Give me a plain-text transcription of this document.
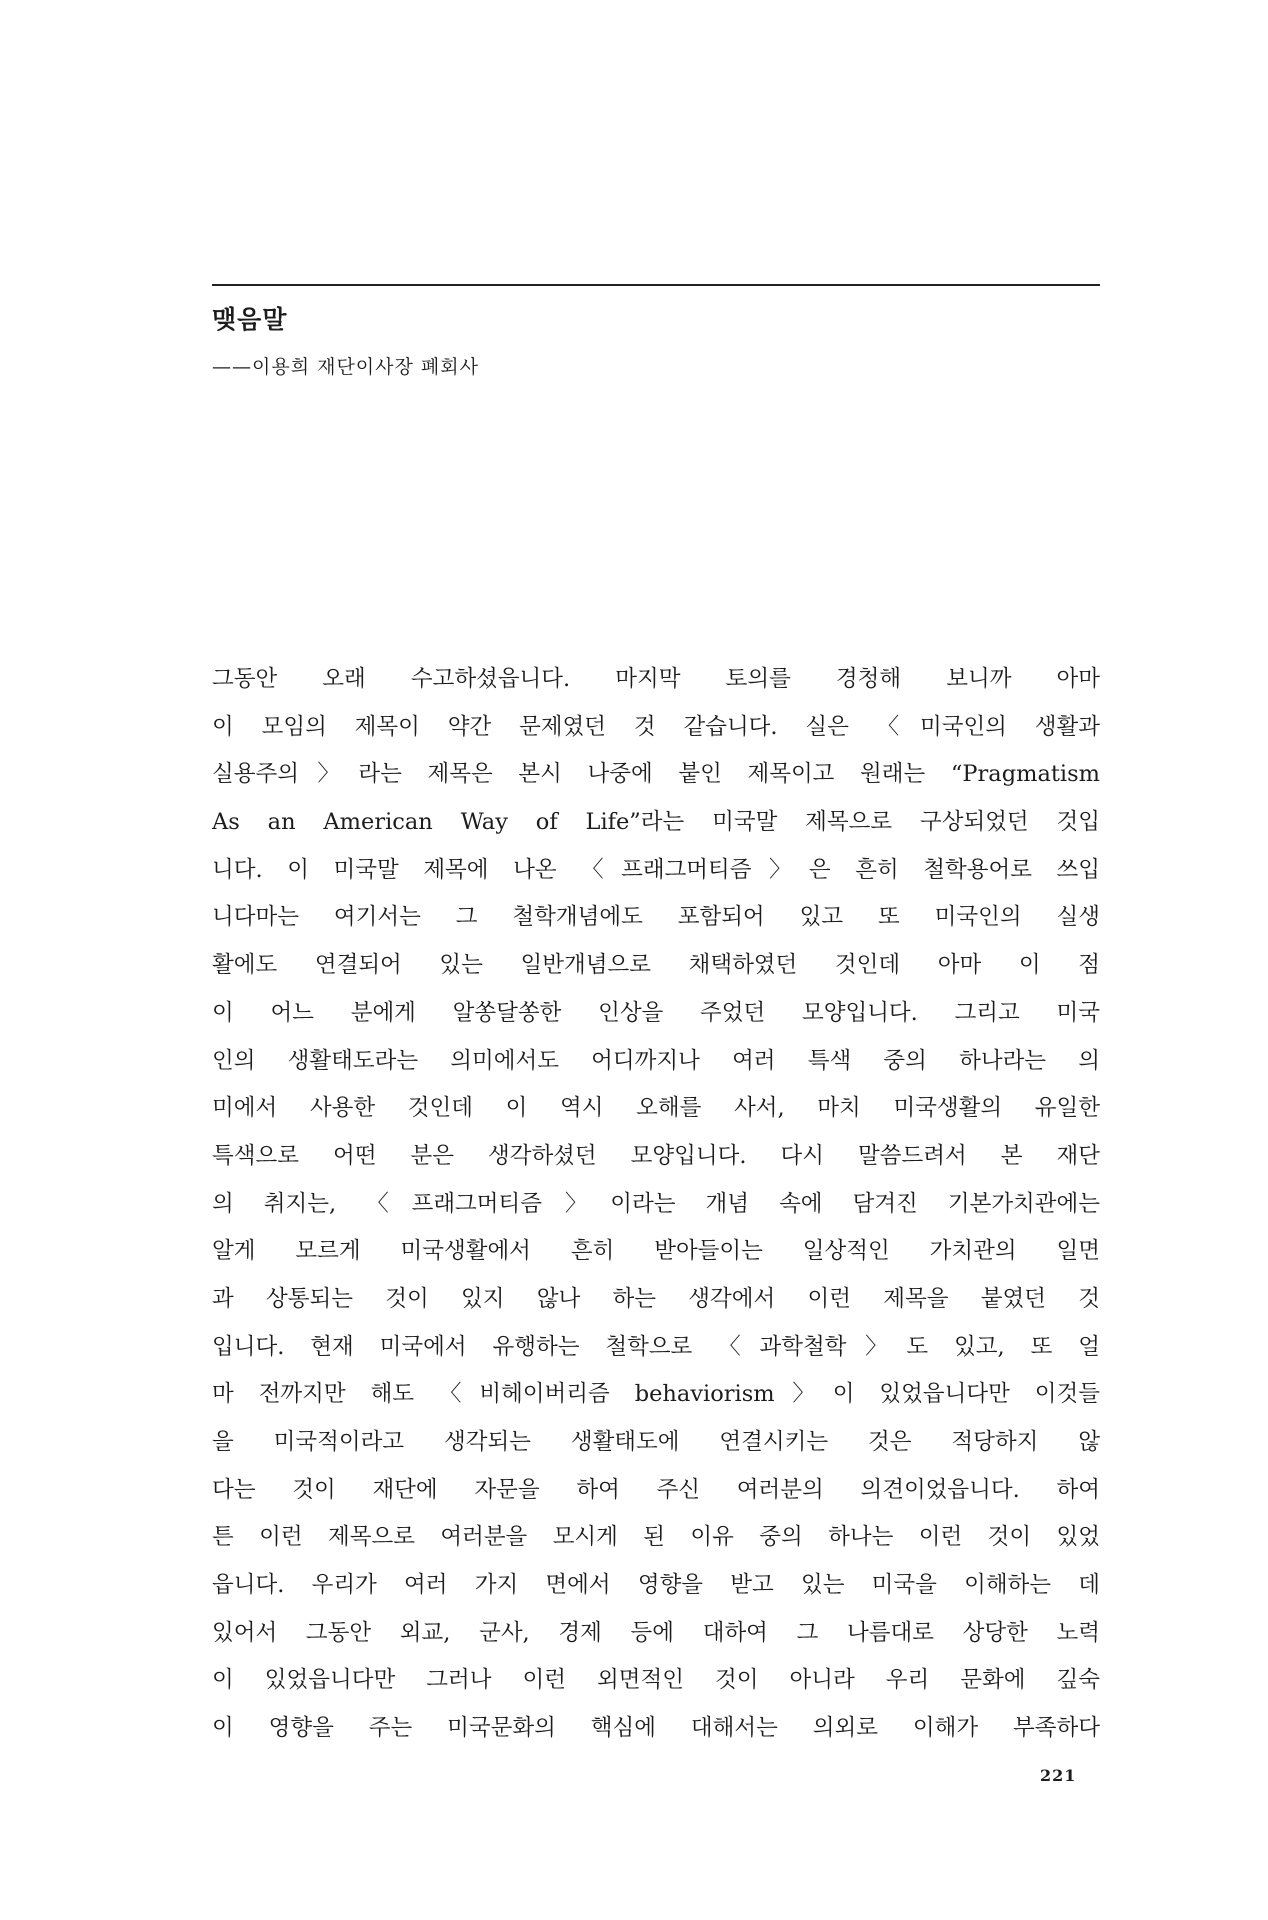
맺음말
——이용희 재단이사장 폐회사
그동안 오래 수고하셨읍니다. 마지막 토의를 경청해 보니까 아마
이 모임의 제목이 약간 문제였던 것 같습니다. 실은 〈미국인의 생활과
실용주의〉라는 제목은 본시 나중에 붙인 제목이고 원래는 “Pragmatism
As an American Way of Life”라는 미국말 제목으로 구상되었던 것입
니다. 이 미국말 제목에 나온 〈프래그머티즘〉은 흔히 철학용어로 쓰입
니다마는 여기서는 그 철학개념에도 포함되어 있고 또 미국인의 실생
활에도 연결되어 있는 일반개념으로 채택하였던 것인데 아마 이 점
이 어느 분에게 알쏭달쏭한 인상을 주었던 모양입니다. 그리고 미국
인의 생활태도라는 의미에서도 어디까지나 여러 특색 중의 하나라는 의
미에서 사용한 것인데 이 역시 오해를 사서, 마치 미국생활의 유일한
특색으로 어떤 분은 생각하셨던 모양입니다. 다시 말씀드려서 본 재단
의 취지는, 〈프래그머티즘〉이라는 개념 속에 담겨진 기본가치관에는
알게 모르게 미국생활에서 흔히 받아들이는 일상적인 가치관의 일면
과 상통되는 것이 있지 않나 하는 생각에서 이런 제목을 붙였던 것
입니다. 현재 미국에서 유행하는 철학으로 〈과학철학〉도 있고, 또 얼
마 전까지만 해도 〈비헤이버리즘 behaviorism〉이 있었읍니다만 이것들
을 미국적이라고 생각되는 생활태도에 연결시키는 것은 적당하지 않
다는 것이 재단에 자문을 하여 주신 여러분의 의견이었읍니다. 하여
튼 이런 제목으로 여러분을 모시게 된 이유 중의 하나는 이런 것이 있었
읍니다. 우리가 여러 가지 면에서 영향을 받고 있는 미국을 이해하는 데
있어서 그동안 외교, 군사, 경제 등에 대하여 그 나름대로 상당한 노력
이 있었읍니다만 그러나 이런 외면적인 것이 아니라 우리 문화에 깊숙
이 영향을 주는 미국문화의 핵심에 대해서는 의외로 이해가 부족하다
221
